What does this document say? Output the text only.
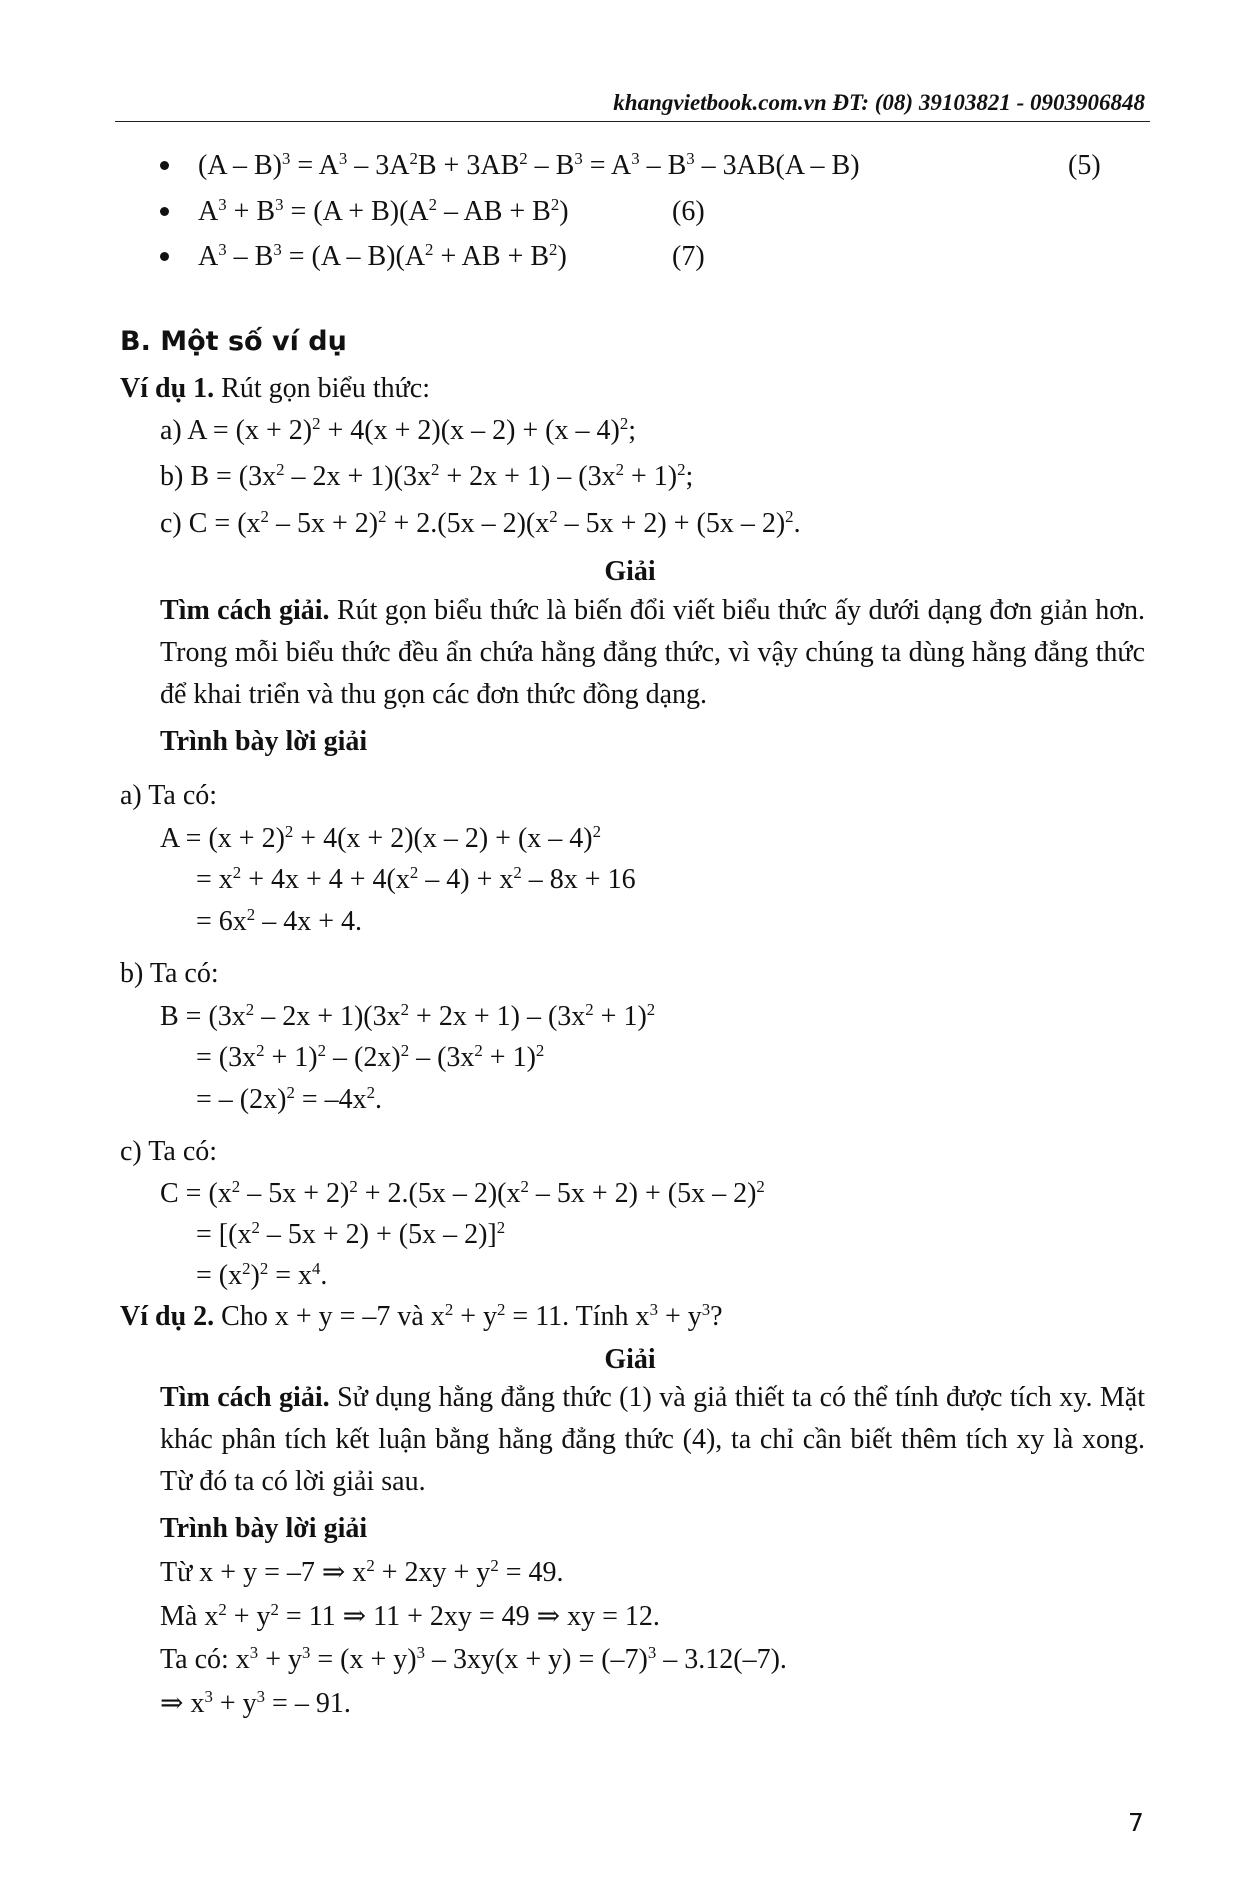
khangvietbook.com.vn ĐT: (08) 39103821 - 0903906848
$(A - B)^3 = A^3 - 3A^2B + 3AB^2 - B^3 = A^3 - B^3 - 3AB(A - B)$	(5)
$A^3 + B^3 = (A + B)(A^2$ – AB + $B^2$)	(6)
$A^3 - B^3 = (A - B)(A^2$ + AB + $B^2$)	(7)
B. Một số ví dụ
Ví dụ 1. Rút gọn biểu thức:
a) $A = (x + 2)^2 + 4(x + 2)(x - 2) + (x - 4)^2$;
b) $B = (3x^2 - 2x + 1)(3x^2 + 2x + 1) - (3x^2 + 1)^2$;
c) $C = (x^2 - 5x + 2)^2 + 2.(5x - 2)(x^2 - 5x + 2) + (5x - 2)^2$.
Giải
Tìm cách giải. Rút gọn biểu thức là biến đổi viết biểu thức ấy dưới dạng đơn giản hơn. Trong mỗi biểu thức đều ẩn chứa hằng đẳng thức, vì vậy chúng ta dùng hằng đẳng thức để khai triển và thu gọn các đơn thức đồng dạng.
Trình bày lời giải
a) Ta có:
$A = (x + 2)^2 + 4(x + 2)(x - 2) + (x - 4)^2$
= $x^2 + 4x + 4 + 4(x^2 - 4) + x^2 - 8x + 16$
= $6x^2 - 4x + 4$.
b) Ta có:
$B = (3x^2 - 2x + 1)(3x^2 + 2x + 1) - (3x^2 + 1)^2$
= $(3x^2 + 1)^2 - (2x)^2 - (3x^2 + 1)^2$
= – $(2x)^2 = -4x^2$.
c) Ta có:
$C = (x^2 - 5x + 2)^2 + 2.(5x - 2)(x^2 - 5x + 2) + (5x - 2)^2$
= $[(x^2 - 5x + 2) + (5x - 2)]^2$
= $(x^2)^2 = x^4$.
Ví dụ 2. Cho x + y = –7 và $x^2 + y^2 = 11$. Tính $x^3 + y^3$?
Giải
Tìm cách giải. Sử dụng hằng đẳng thức (1) và giả thiết ta có thể tính được tích xy. Mặt khác phân tích kết luận bằng hằng đẳng thức (4), ta chỉ cần biết thêm tích xy là xong. Từ đó ta có lời giải sau.
Trình bày lời giải
Từ x + y = –7 ⇒ $x^2 + 2xy + y^2 = 49$.
Mà $x^2 + y^2 = 11$ ⇒ 11 + 2xy = 49 ⇒ xy = 12.
Ta có: $x^3 + y^3 = (x + y)^3 - 3xy(x + y) = (-7)^3 - 3.12(-7)$.
⇒ $x^3 + y^3$ = – 91.
7
